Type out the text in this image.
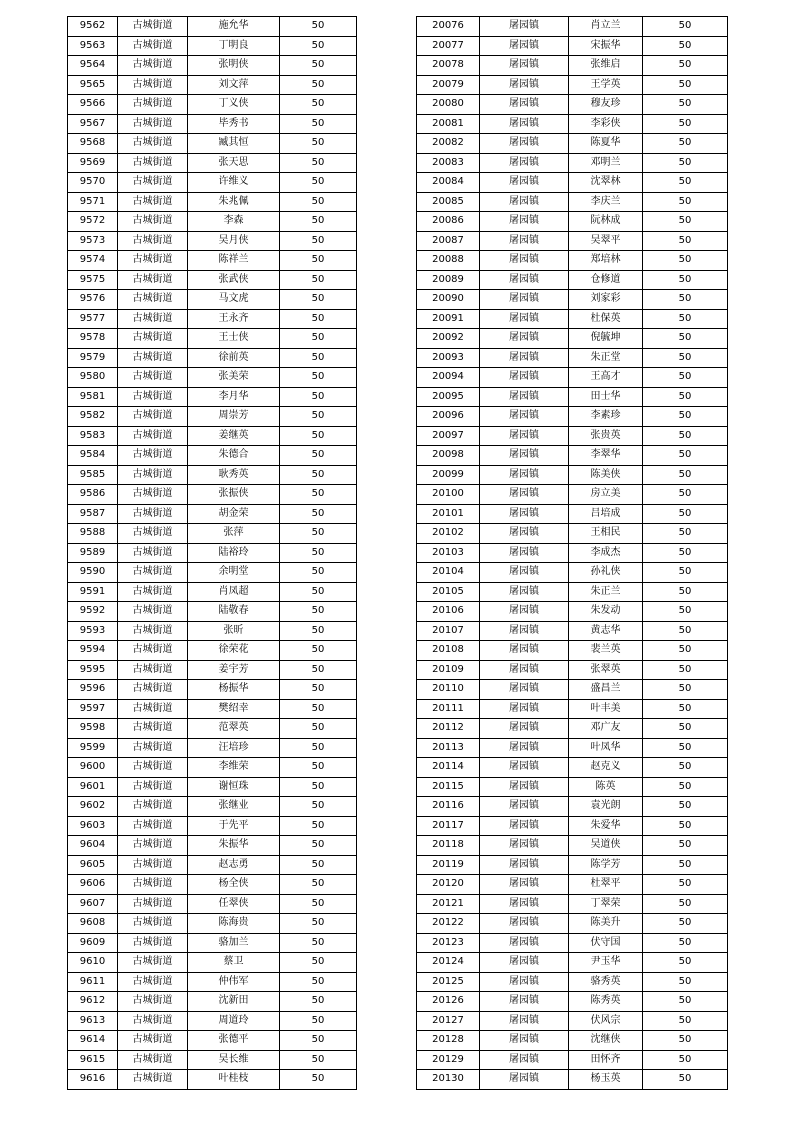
9562	古城街道	施允华	50
9563	古城街道	丁明良	50
9564	古城街道	张明侠	50
9565	古城街道	刘文萍	50
9566	古城街道	丁义侠	50
9567	古城街道	毕秀书	50
9568	古城街道	臧其恒	50
9569	古城街道	张天思	50
9570	古城街道	许维义	50
9571	古城街道	朱兆佩	50
9572	古城街道	李森	50
9573	古城街道	吴月侠	50
9574	古城街道	陈祥兰	50
9575	古城街道	张武侠	50
9576	古城街道	马文虎	50
9577	古城街道	王永齐	50
9578	古城街道	王士侠	50
9579	古城街道	徐前英	50
9580	古城街道	张美荣	50
9581	古城街道	李月华	50
9582	古城街道	周崇芳	50
9583	古城街道	姜继英	50
9584	古城街道	朱德合	50
9585	古城街道	耿秀英	50
9586	古城街道	张振侠	50
9587	古城街道	胡金荣	50
9588	古城街道	张萍	50
9589	古城街道	陆裕玲	50
9590	古城街道	余明堂	50
9591	古城街道	肖凤超	50
9592	古城街道	陆敬春	50
9593	古城街道	张昕	50
9594	古城街道	徐荣花	50
9595	古城街道	姜宇芳	50
9596	古城街道	杨振华	50
9597	古城街道	樊绍幸	50
9598	古城街道	范翠英	50
9599	古城街道	汪培珍	50
9600	古城街道	李维荣	50
9601	古城街道	谢恒珠	50
9602	古城街道	张继业	50
9603	古城街道	于先平	50
9604	古城街道	朱振华	50
9605	古城街道	赵志勇	50
9606	古城街道	杨全侠	50
9607	古城街道	任翠侠	50
9608	古城街道	陈海贵	50
9609	古城街道	骆加兰	50
9610	古城街道	蔡卫	50
9611	古城街道	仲伟军	50
9612	古城街道	沈新田	50
9613	古城街道	周道玲	50
9614	古城街道	张德平	50
9615	古城街道	吴长维	50
9616	古城街道	叶桂枝	50
20076	屠园镇	肖立兰	50
20077	屠园镇	宋振华	50
20078	屠园镇	张维启	50
20079	屠园镇	王学英	50
20080	屠园镇	穆友珍	50
20081	屠园镇	李彩侠	50
20082	屠园镇	陈夏华	50
20083	屠园镇	邓明兰	50
20084	屠园镇	沈翠林	50
20085	屠园镇	李庆兰	50
20086	屠园镇	阮林成	50
20087	屠园镇	吴翠平	50
20088	屠园镇	郑培林	50
20089	屠园镇	仓修道	50
20090	屠园镇	刘家彩	50
20091	屠园镇	杜保英	50
20092	屠园镇	倪毓坤	50
20093	屠园镇	朱正堂	50
20094	屠园镇	王高才	50
20095	屠园镇	田士华	50
20096	屠园镇	李素珍	50
20097	屠园镇	张贵英	50
20098	屠园镇	李翠华	50
20099	屠园镇	陈美侠	50
20100	屠园镇	房立美	50
20101	屠园镇	吕培成	50
20102	屠园镇	王相民	50
20103	屠园镇	李成杰	50
20104	屠园镇	孙礼侠	50
20105	屠园镇	朱正兰	50
20106	屠园镇	朱发动	50
20107	屠园镇	黄志华	50
20108	屠园镇	裴兰英	50
20109	屠园镇	张翠英	50
20110	屠园镇	盛昌兰	50
20111	屠园镇	叶丰美	50
20112	屠园镇	邓广友	50
20113	屠园镇	叶凤华	50
20114	屠园镇	赵克义	50
20115	屠园镇	陈英	50
20116	屠园镇	袁光朗	50
20117	屠园镇	朱爱华	50
20118	屠园镇	吴道侠	50
20119	屠园镇	陈学芳	50
20120	屠园镇	杜翠平	50
20121	屠园镇	丁翠荣	50
20122	屠园镇	陈美升	50
20123	屠园镇	伏守国	50
20124	屠园镇	尹玉华	50
20125	屠园镇	骆秀英	50
20126	屠园镇	陈秀英	50
20127	屠园镇	伏风宗	50
20128	屠园镇	沈继侠	50
20129	屠园镇	田怀齐	50
20130	屠园镇	杨玉英	50
